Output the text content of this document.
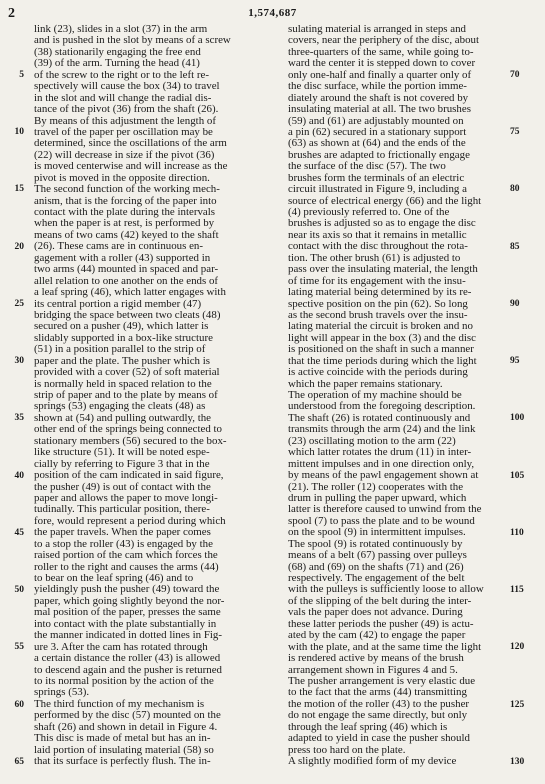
2	1,574,687
link (23), slides in a slot (37) in the arm
and is pushed in the slot by means of a screw
(38) stationarily engaging the free end
(39) of the arm. Turning the head (41)
of the screw to the right or to the left re-
spectively will cause the box (34) to travel
in the slot and will change the radial dis-
tance of the pivot (36) from the shaft (26).
By means of this adjustment the length of
travel of the paper per oscillation may be
determined, since the oscillations of the arm
(22) will decrease in size if the pivot (36)
is moved centerwise and will increase as the
pivot is moved in the opposite direction.
The second function of the working mech-
anism, that is the forcing of the paper into
contact with the plate during the intervals
when the paper is at rest, is performed by
means of two cams (42) keyed to the shaft
(26). These cams are in continuous en-
gagement with a roller (43) supported in
two arms (44) mounted in spaced and par-
allel relation to one another on the ends of
a leaf spring (46), which latter engages with
its central portion a rigid member (47)
bridging the space between two cleats (48)
secured on a pusher (49), which latter is
slidably supported in a box-like structure
(51) in a position parallel to the strip of
paper and the plate. The pusher which is
provided with a cover (52) of soft material
is normally held in spaced relation to the
strip of paper and to the plate by means of
springs (53) engaging the cleats (48) as
shown at (54) and pulling outwardly, the
other end of the springs being connected to
stationary members (56) secured to the box-
like structure (51). It will be noted espe-
cially by referring to Figure 3 that in the
position of the cam indicated in said figure,
the pusher (49) is out of contact with the
paper and allows the paper to move longi-
tudinally. This particular position, there-
fore, would represent a period during which
the paper travels. When the paper comes
to a stop the roller (43) is engaged by the
raised portion of the cam which forces the
roller to the right and causes the arms (44)
to bear on the leaf spring (46) and to
yieldingly push the pusher (49) toward the
paper, which going slightly beyond the nor-
mal position of the paper, presses the same
into contact with the plate substantially in
the manner indicated in dotted lines in Fig-
ure 3. After the cam has rotated through
a certain distance the roller (43) is allowed
to descend again and the pusher is returned
to its normal position by the action of the
springs (53).
The third function of my mechanism is
performed by the disc (57) mounted on the
shaft (26) and shown in detail in Figure 4.
This disc is made of metal but has an in-
laid portion of insulating material (58) so
that its surface is perfectly flush. The in-
sulating material is arranged in steps and
covers, near the periphery of the disc, about
three-quarters of the same, while going to-
ward the center it is stepped down to cover
only one-half and finally a quarter only of
the disc surface, while the portion imme-
diately around the shaft is not covered by
insulating material at all. The two brushes
(59) and (61) are adjustably mounted on
a pin (62) secured in a stationary support
(63) as shown at (64) and the ends of the
brushes are adapted to frictionally engage
the surface of the disc (57). The two
brushes form the terminals of an electric
circuit illustrated in Figure 9, including a
source of electrical energy (66) and the light
(4) previously referred to. One of the
brushes is adjusted so as to engage the disc
near its axis so that it remains in metallic
contact with the disc throughout the rota-
tion. The other brush (61) is adjusted to
pass over the insulating material, the length
of time for its engagement with the insu-
lating material being determined by its re-
spective position on the pin (62). So long
as the second brush travels over the insu-
lating material the circuit is broken and no
light will appear in the box (3) and the disc
is positioned on the shaft in such a manner
that the time periods during which the light
is active coincide with the periods during
which the paper remains stationary.
The operation of my machine should be
understood from the foregoing description.
The shaft (26) is rotated continuously and
transmits through the arm (24) and the link
(23) oscillating motion to the arm (22)
which latter rotates the drum (11) in inter-
mittent impulses and in one direction only,
by means of the pawl engagement shown at
(21). The roller (12) cooperates with the
drum in pulling the paper upward, which
latter is therefore caused to unwind from the
spool (7) to pass the plate and to be wound
on the spool (9) in intermittent impulses.
The spool (9) is rotated continuously by
means of a belt (67) passing over pulleys
(68) and (69) on the shafts (71) and (26)
respectively. The engagement of the belt
with the pulleys is sufficiently loose to allow
of the slipping of the belt during the inter-
vals the paper does not advance. During
these latter periods the pusher (49) is actu-
ated by the cam (42) to engage the paper
with the plate, and at the same time the light
is rendered active by means of the brush
arrangement shown in Figures 4 and 5.
The pusher arrangement is very elastic due
to the fact that the arms (44) transmitting
the motion of the roller (43) to the pusher
do not engage the same directly, but only
through the leaf spring (46) which is
adapted to yield in case the pusher should
press too hard on the plate.
A slightly modified form of my device
5
10
15
20
25
30
35
40
45
50
55
60
65
70
75
80
85
90
95
100
105
110
115
120
125
130
